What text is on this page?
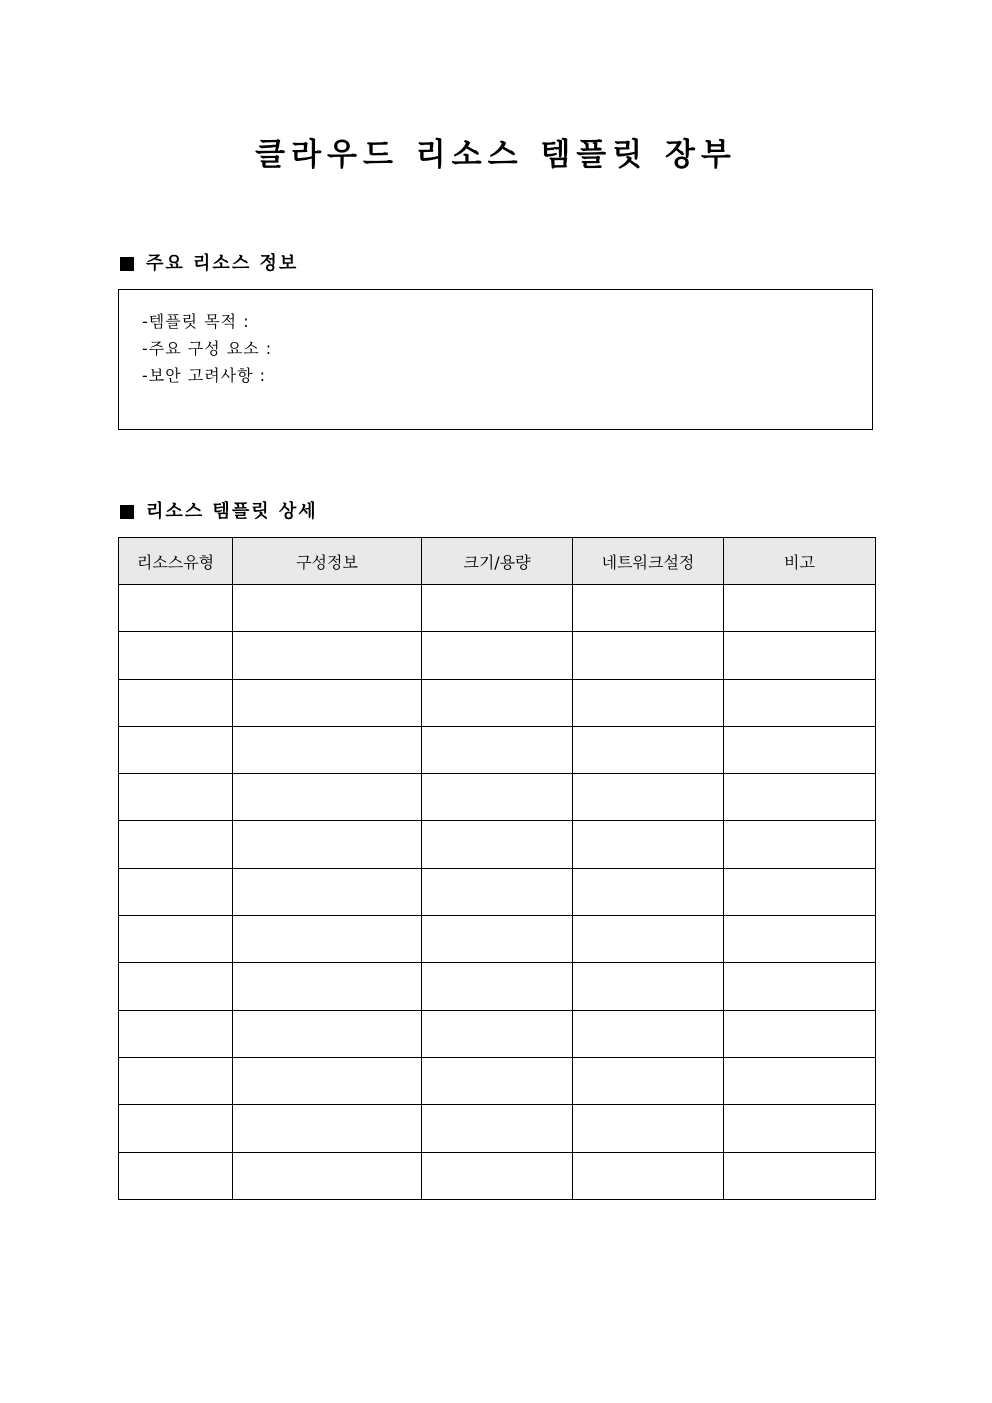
클라우드 리소스 템플릿 장부
주요 리소스 정보
-템플릿 목적 :
-주요 구성 요소 :
-보안 고려사항 :
리소스 템플릿 상세
리소스유형	구성정보	크기/용량	네트워크설정	비고
